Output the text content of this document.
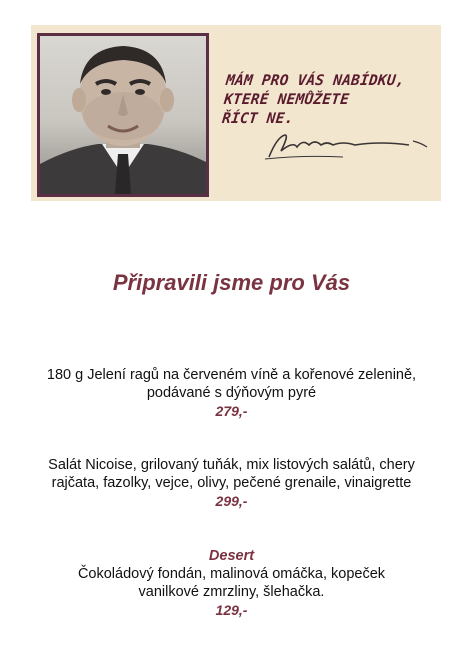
MÁM PRO VÁS NABÍDKU,
KTERÉ NEMŮŽETE
ŘÍCT NE.
Připravili jsme pro Vás
180 g Jelení ragů na červeném víně a kořenové zelenině,
podávané s dýňovým pyré
279,-
Salát Nicoise, grilovaný tuňák, mix listových salátů, chery
rajčata, fazolky, vejce, olivy, pečené grenaile, vinaigrette
299,-
Desert
Čokoládový fondán, malinová omáčka, kopeček
vanilkové zmrzliny, šlehačka.
129,-
